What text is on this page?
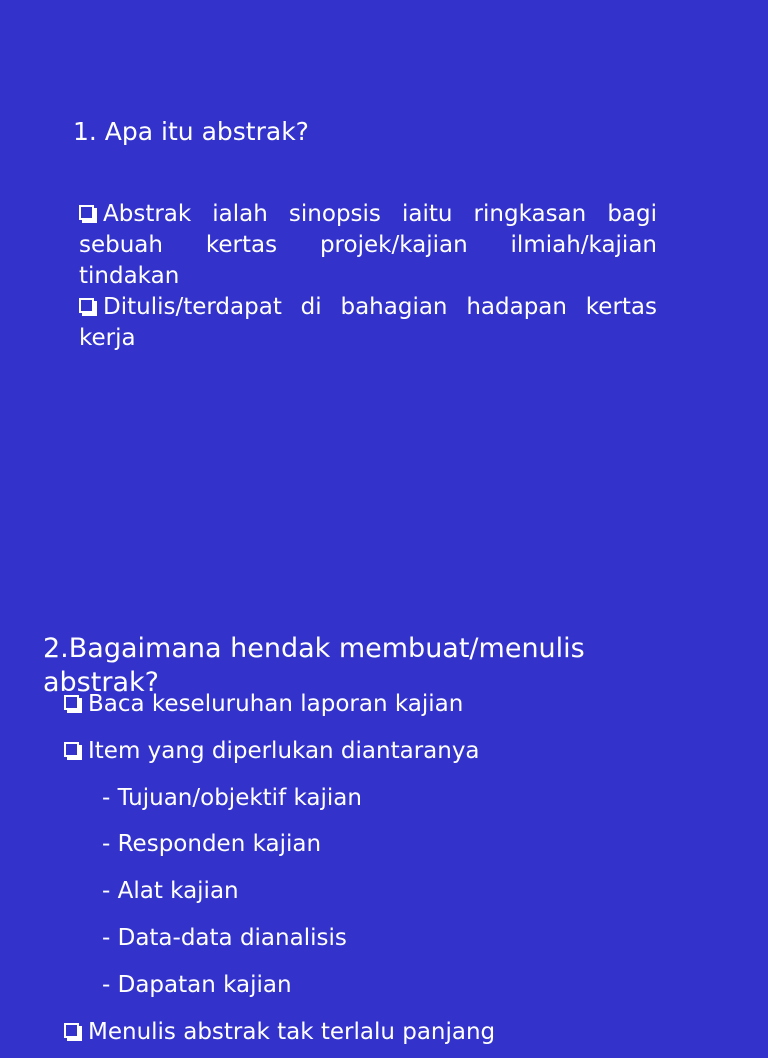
1. Apa itu abstrak?
Abstrak ialah sinopsis iaitu ringkasan bagi sebuah kertas projek/kajian ilmiah/kajian tindakan
Ditulis/terdapat di bahagian hadapan kertas kerja
2.Bagaimana hendak membuat/menulis abstrak?
Baca keseluruhan laporan kajian
Item yang diperlukan diantaranya
- Tujuan/objektif kajian
- Responden kajian
- Alat kajian
- Data-data dianalisis
- Dapatan kajian
Menulis abstrak tak terlalu panjang
